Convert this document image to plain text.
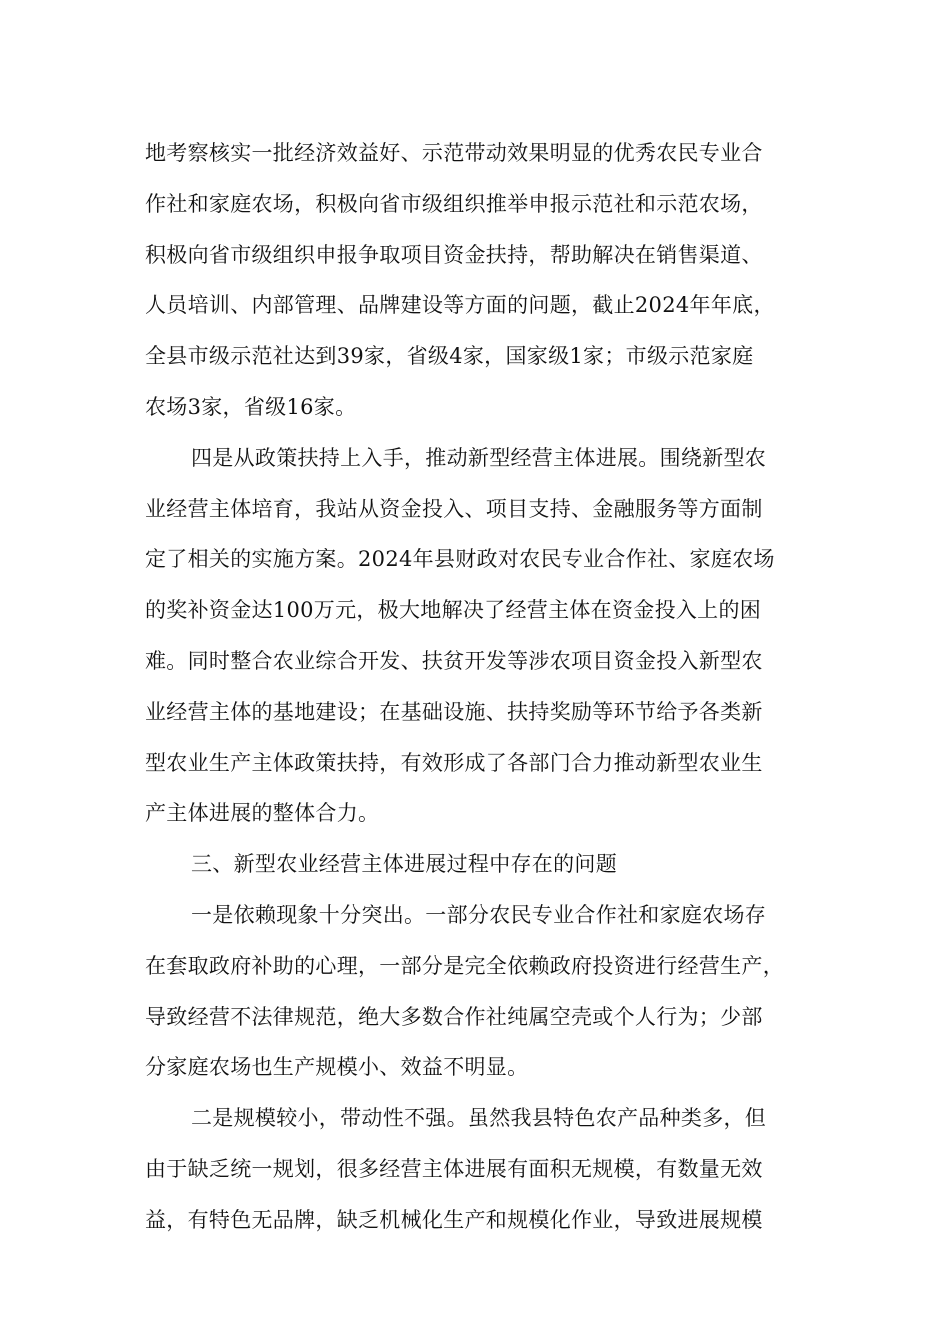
地考察核实一批经济效益好、示范带动效果明显的优秀农民专业合
作社和家庭农场，积极向省市级组织推举申报示范社和示范农场，
积极向省市级组织申报争取项目资金扶持，帮助解决在销售渠道、
人员培训、内部管理、品牌建设等方面的问题，截止2024年年底，
全县市级示范社达到39家，省级4家，国家级1家；市级示范家庭
农场3家，省级16家。
四是从政策扶持上入手，推动新型经营主体进展。围绕新型农
业经营主体培育，我站从资金投入、项目支持、金融服务等方面制
定了相关的实施方案。2024年县财政对农民专业合作社、家庭农场
的奖补资金达100万元，极大地解决了经营主体在资金投入上的困
难。同时整合农业综合开发、扶贫开发等涉农项目资金投入新型农
业经营主体的基地建设；在基础设施、扶持奖励等环节给予各类新
型农业生产主体政策扶持，有效形成了各部门合力推动新型农业生
产主体进展的整体合力。
三、新型农业经营主体进展过程中存在的问题
一是依赖现象十分突出。一部分农民专业合作社和家庭农场存
在套取政府补助的心理，一部分是完全依赖政府投资进行经营生产，
导致经营不法律规范，绝大多数合作社纯属空壳或个人行为；少部
分家庭农场也生产规模小、效益不明显。
二是规模较小，带动性不强。虽然我县特色农产品种类多，但
由于缺乏统一规划，很多经营主体进展有面积无规模，有数量无效
益，有特色无品牌，缺乏机械化生产和规模化作业，导致进展规模
